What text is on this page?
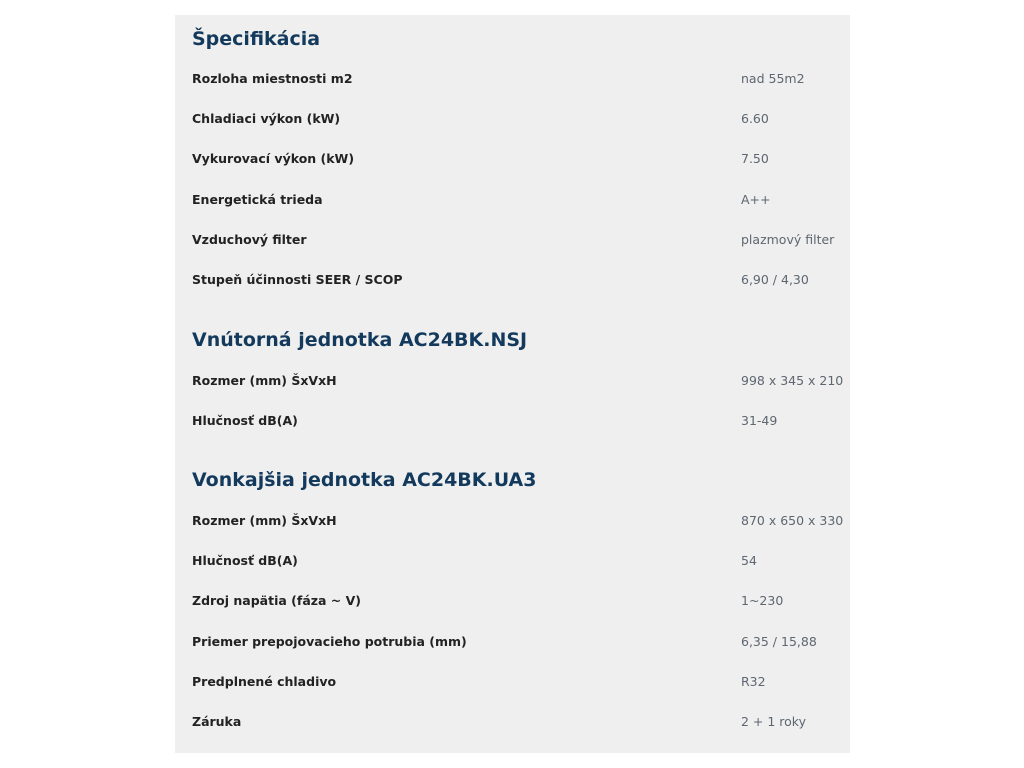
Špecifikácia
Rozloha miestnosti m2	nad 55m2
Chladiaci výkon (kW)	6.60
Vykurovací výkon (kW)	7.50
Energetická trieda	A++
Vzduchový filter	plazmový filter
Stupeň účinnosti SEER / SCOP	6,90 / 4,30
Vnútorná jednotka AC24BK.NSJ
Rozmer (mm) ŠxVxH	998 x 345 x 210
Hlučnosť dB(A)	31-49
Vonkajšia jednotka AC24BK.UA3
Rozmer (mm) ŠxVxH	870 x 650 x 330
Hlučnosť dB(A)	54
Zdroj napätia (fáza ~ V)	1~230
Priemer prepojovacieho potrubia (mm)	6,35 / 15,88
Predplnené chladivo	R32
Záruka	2 + 1 roky
